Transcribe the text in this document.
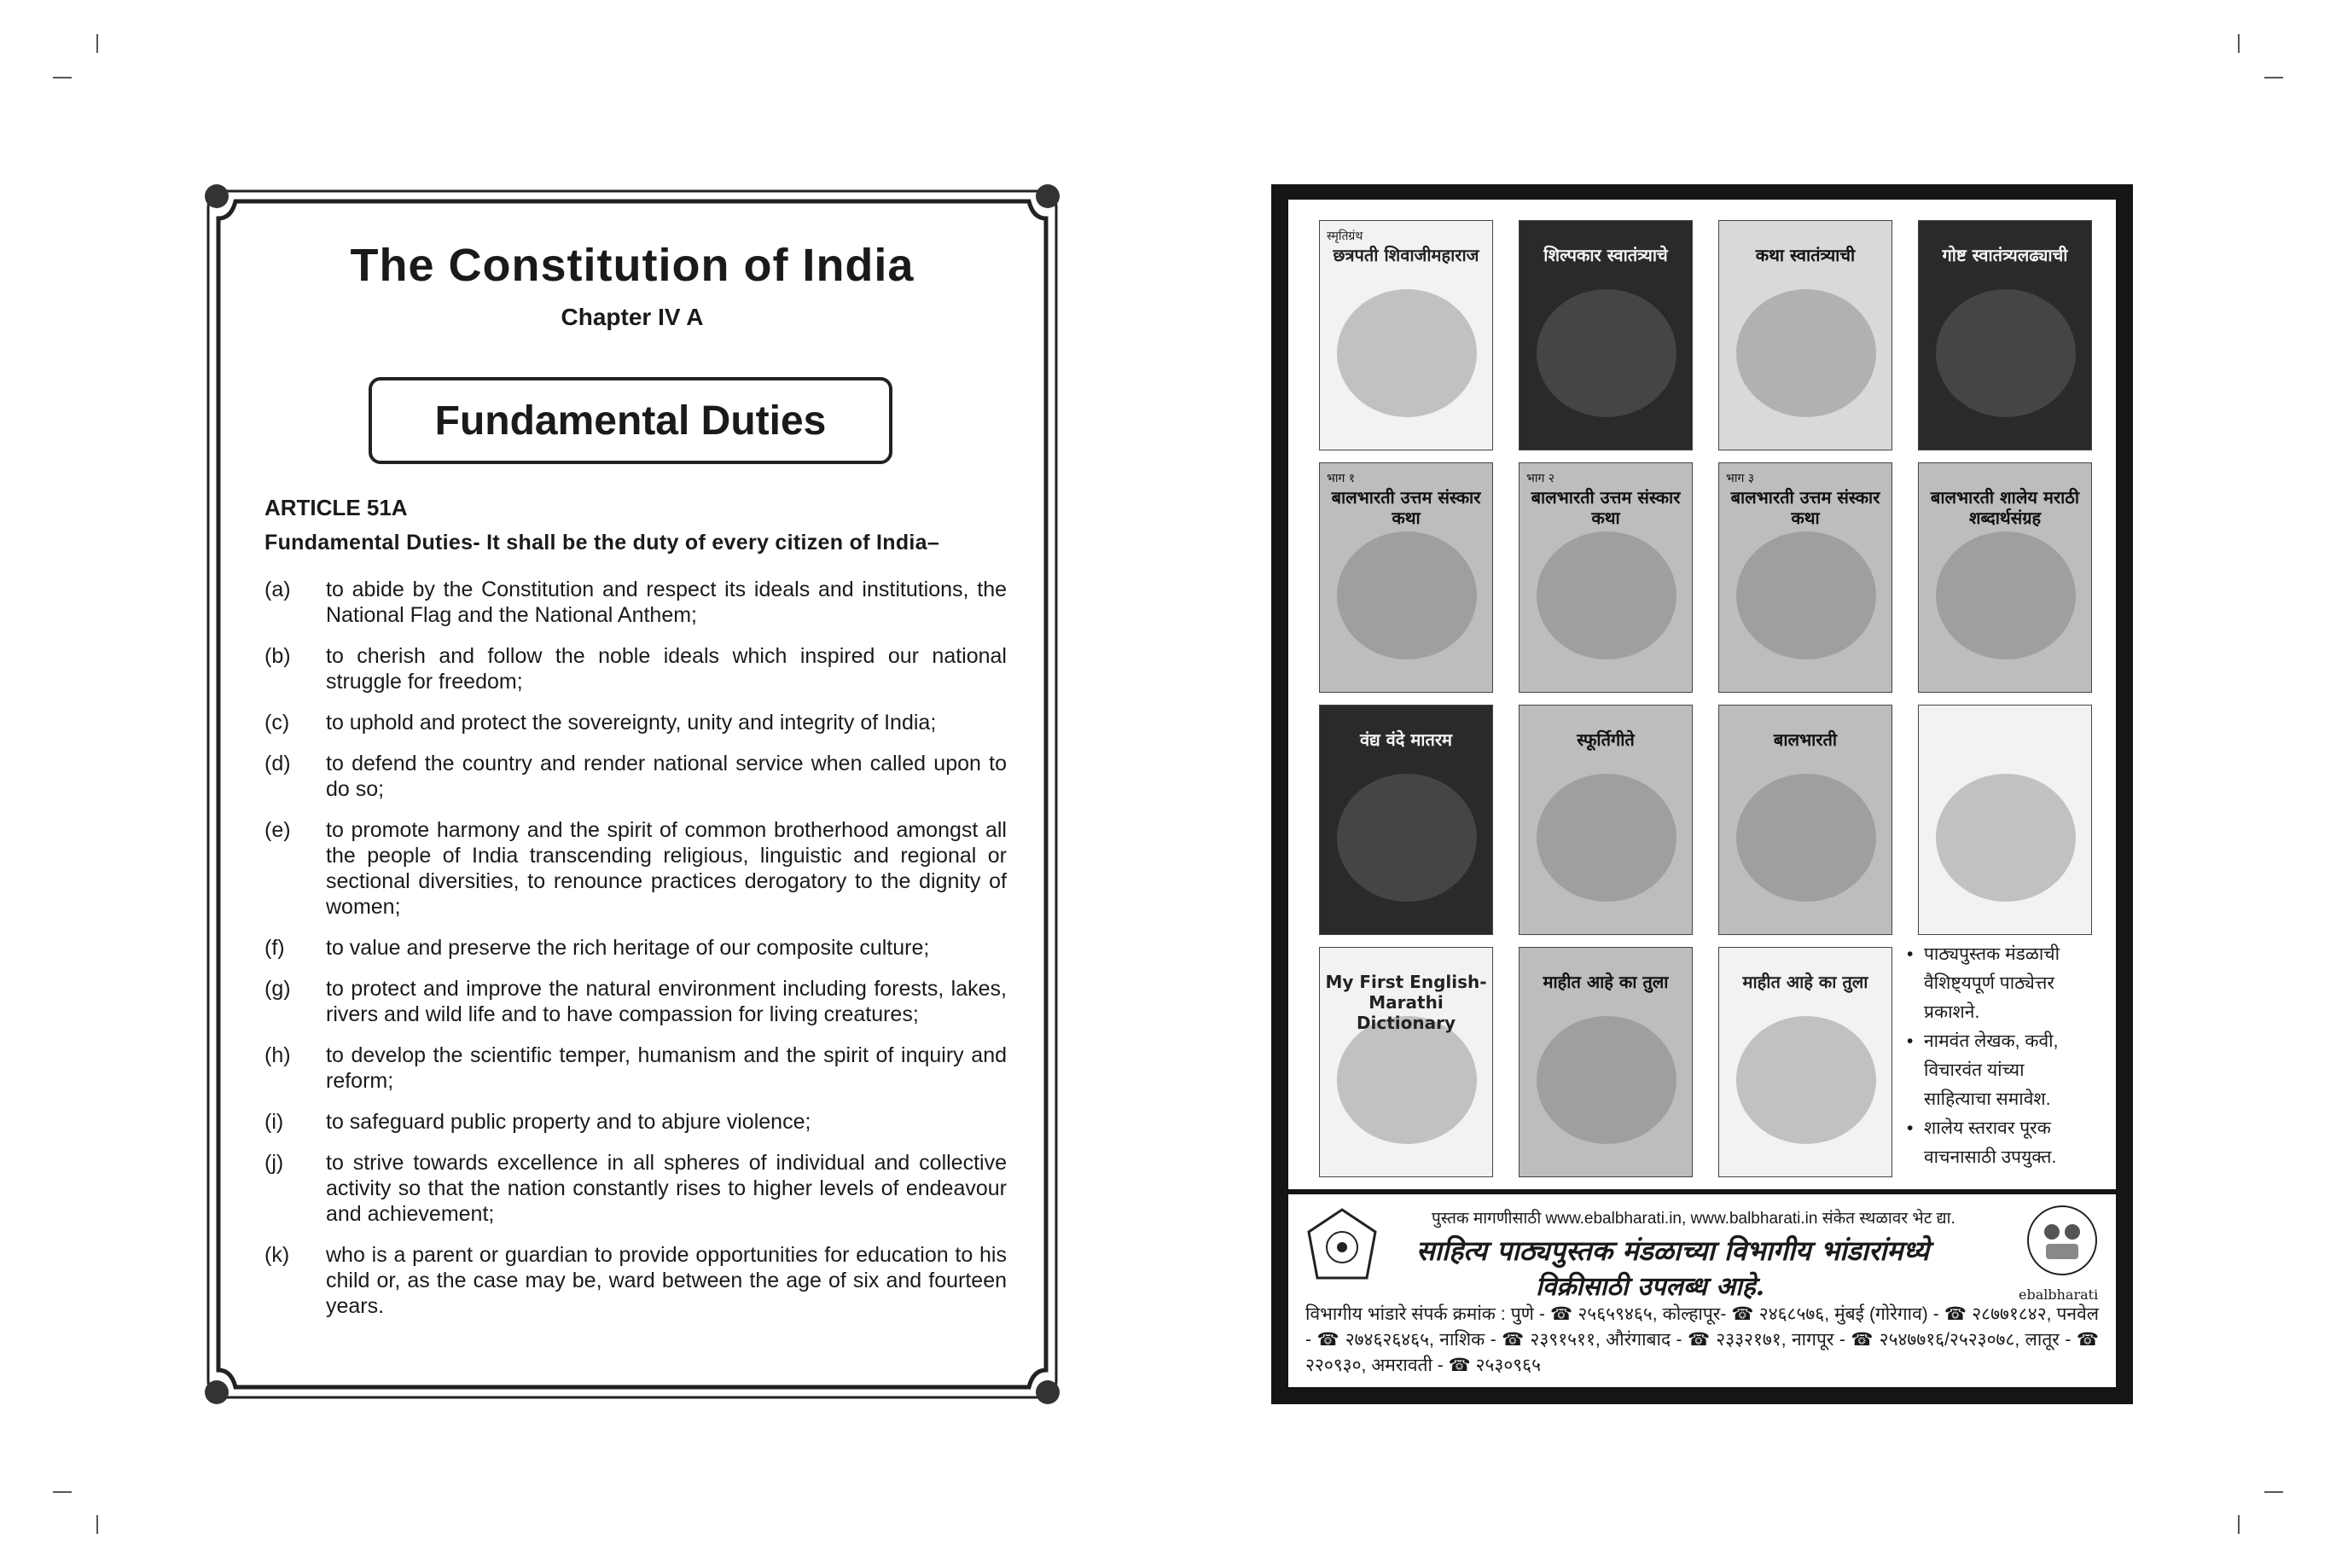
The Constitution of India
Chapter IV A
Fundamental Duties
ARTICLE 51A
Fundamental Duties- It shall be the duty of every citizen of India–
(a)	to abide by the Constitution and respect its ideals and institutions, the National Flag and the National Anthem;
(b)	to cherish and follow the noble ideals which inspired our national struggle for freedom;
(c)	to uphold and protect the sovereignty, unity and integrity of India;
(d)	to defend the country and render national service when called upon to do so;
(e)	to promote harmony and the spirit of common brotherhood amongst all the people of India transcending religious, linguistic and regional or sectional diversities, to renounce practices derogatory to the dignity of women;
(f)	to value and preserve the rich heritage of our composite culture;
(g)	to protect and improve the natural environment including forests, lakes, rivers and wild life and to have compassion for living creatures;
(h)	to develop the scientific temper, humanism and the spirit of inquiry and reform;
(i)	to safeguard public property and to abjure violence;
(j)	to strive towards excellence in all spheres of individual and collective activity so that the nation constantly rises to higher levels of endeavour and achievement;
(k)	who is a parent or guardian to provide opportunities for education to his child or, as the case may be, ward between the age of six and fourteen years.
स्मृतिग्रंथ
छत्रपती शिवाजीमहाराज	शिल्पकार स्वातंत्र्याचे	कथा स्वातंत्र्याची	गोष्ट स्वातंत्र्यलढ्याची
भाग १
बालभारती उत्तम संस्कार कथा
भाग २
बालभारती उत्तम संस्कार कथा
भाग ३
बालभारती उत्तम संस्कार कथा
बालभारती शालेय मराठी शब्दार्थसंग्रह
वंद्य वंदे मातरम	स्फूर्तिगीते	बालभारती
My First English-Marathi Dictionary
माहीत आहे का तुला	माहीत आहे का तुला
• पाठ्यपुस्तक मंडळाची वैशिष्ट्यपूर्ण पाठ्येत्तर प्रकाशने.
• नामवंत लेखक, कवी, विचारवंत यांच्या साहित्याचा समावेश.
• शालेय स्तरावर पूरक वाचनासाठी उपयुक्त.
पुस्तक मागणीसाठी www.ebalbharati.in, www.balbharati.in संकेत स्थळावर भेट द्या.
साहित्य पाठ्यपुस्तक मंडळाच्या विभागीय भांडारांमध्ये
विक्रीसाठी उपलब्ध आहे.	ebalbharati
विभागीय भांडारे संपर्क क्रमांक : पुणे - ☎ २५६५९४६५, कोल्हापूर- ☎ २४६८५७६, मुंबई (गोरेगाव) - ☎ २८७७१८४२, पनवेल - ☎ २७४६२६४६५, नाशिक - ☎ २३९१५११, औरंगाबाद - ☎ २३३२१७१, नागपूर - ☎ २५४७७१६/२५२३०७८, लातूर - ☎ २२०९३०, अमरावती - ☎ २५३०९६५
